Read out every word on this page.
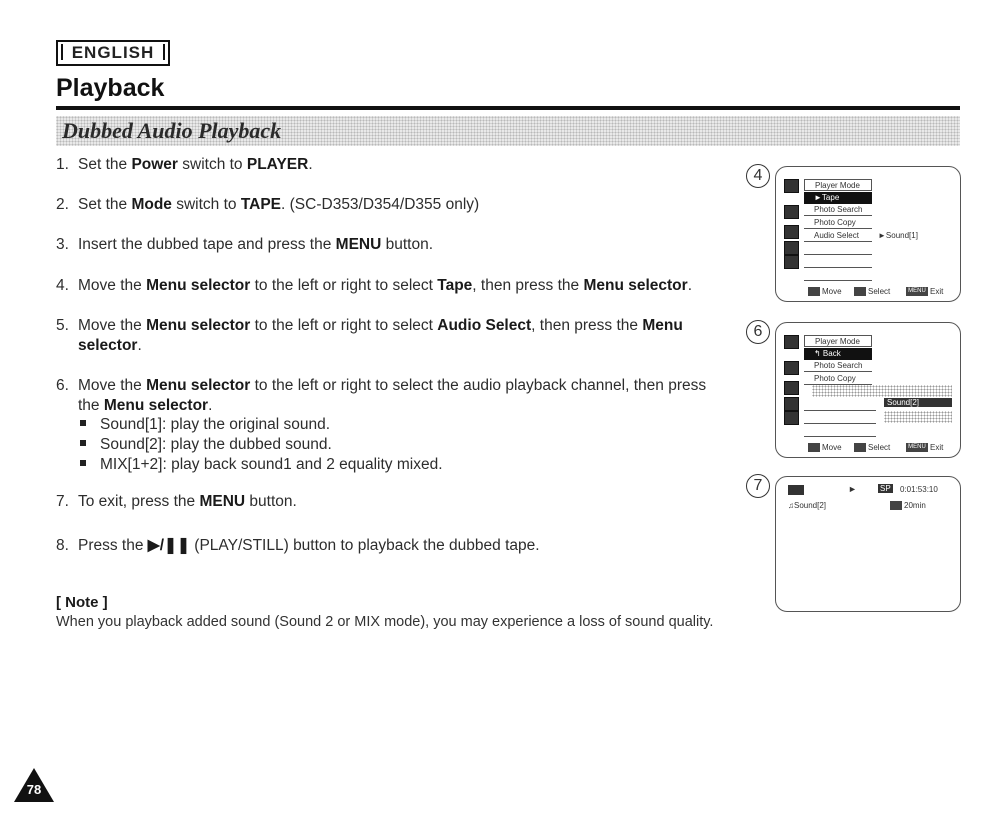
ENGLISH
Playback
Dubbed Audio Playback
1. Set the Power switch to PLAYER.
2. Set the Mode switch to TAPE. (SC-D353/D354/D355 only)
3. Insert the dubbed tape and press the MENU button.
4. Move the Menu selector to the left or right to select Tape, then press the Menu selector.
5. Move the Menu selector to the left or right to select Audio Select, then press the Menu
selector.
6. Move the Menu selector to the left or right to select the audio playback channel, then press
the Menu selector.
Sound[1]: play the original sound.
Sound[2]: play the dubbed sound.
MIX[1+2]: play back sound1 and 2 equality mixed.
7. To exit, press the MENU button.
8. Press the ▶/❚❚ (PLAY/STILL) button to playback the dubbed tape.
[ Note ]
When you playback added sound (Sound 2 or MIX mode), you may experience a loss of sound quality.
4
Player Mode
►Tape
Photo Search
Photo Copy
Audio Select	►Sound[1]
Move	Select	MENU Exit
6
Player Mode
↰ Back
Photo Search
Photo Copy
Sound[2]
Move	Select	MENU Exit
7	■■	►	SP 0:01:53:10
♫Sound[2]	20min
78
